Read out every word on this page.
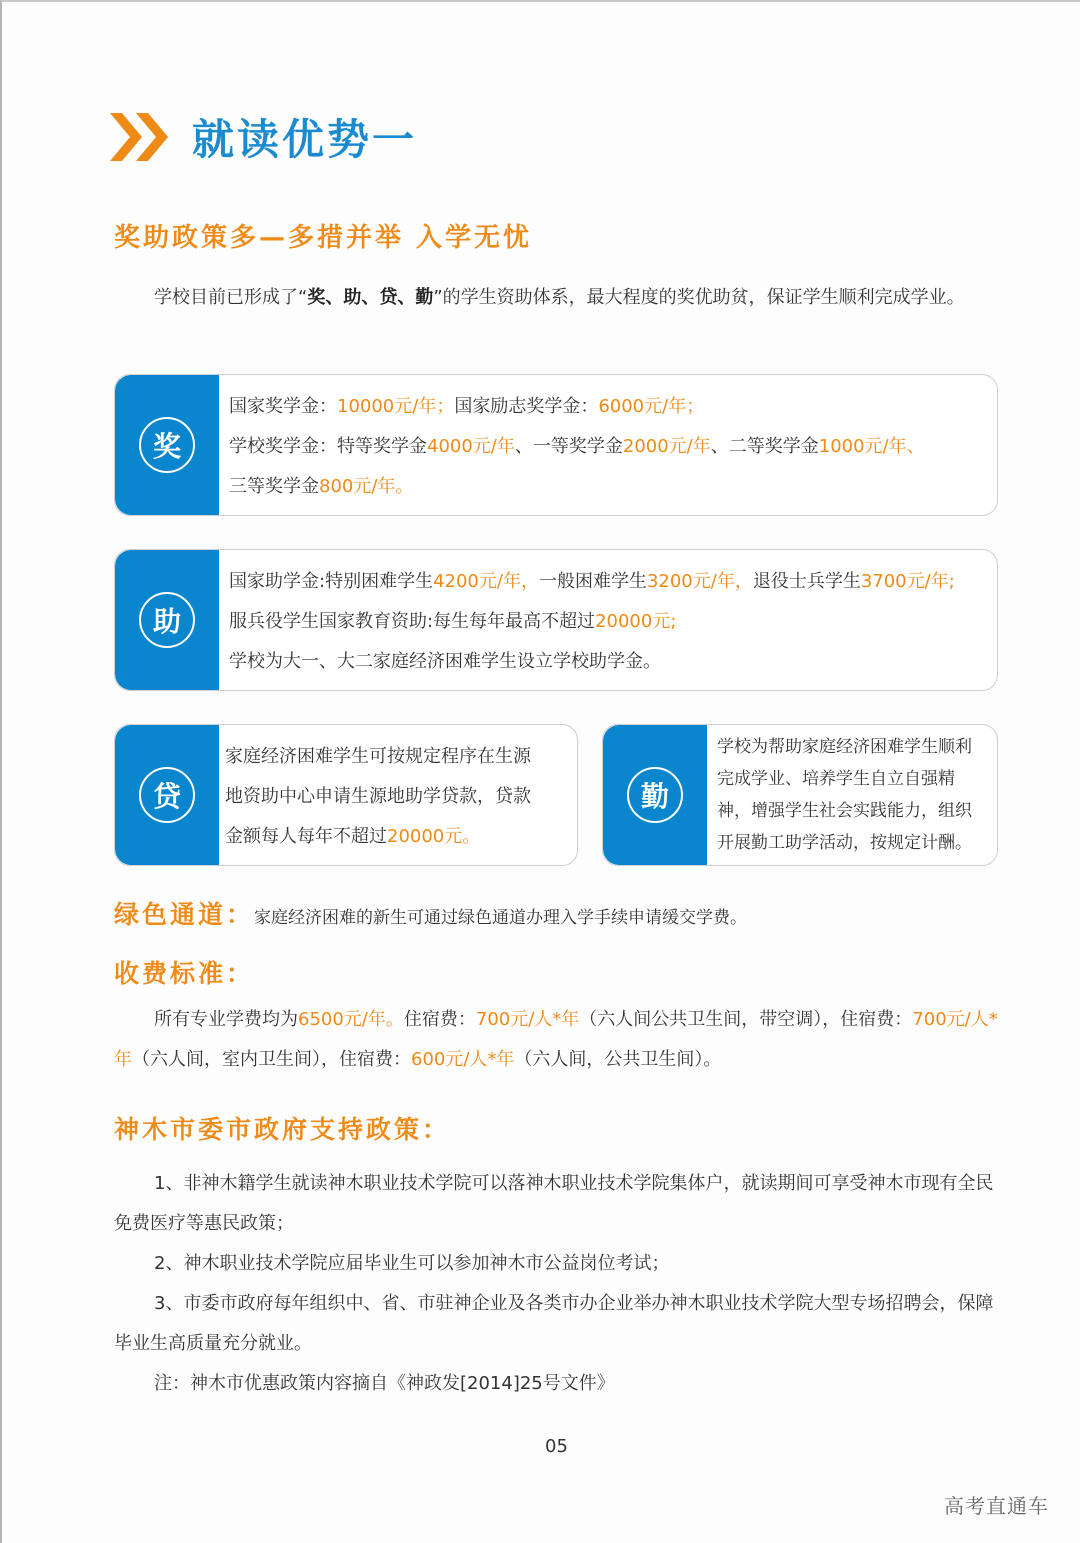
就读优势一
奖助政策多—多措并举 入学无忧
学校目前已形成了“奖、助、贷、勤”的学生资助体系，最大程度的奖优助贫，保证学生顺利完成学业。
奖
国家奖学金：10000元/年；国家励志奖学金：6000元/年；
学校奖学金：特等奖学金4000元/年、一等奖学金2000元/年、二等奖学金1000元/年、
三等奖学金800元/年。
助
国家助学金:特别困难学生4200元/年，一般困难学生3200元/年，退役士兵学生3700元/年;
服兵役学生国家教育资助:每生每年最高不超过20000元;
学校为大一、大二家庭经济困难学生设立学校助学金。
贷
家庭经济困难学生可按规定程序在生源
地资助中心申请生源地助学贷款，贷款
金额每人每年不超过20000元。
勤
学校为帮助家庭经济困难学生顺利
完成学业、培养学生自立自强精
神，增强学生社会实践能力，组织
开展勤工助学活动，按规定计酬。
绿色通道：家庭经济困难的新生可通过绿色通道办理入学手续申请缓交学费。
收费标准：
所有专业学费均为6500元/年。住宿费：700元/人*年（六人间公共卫生间，带空调），住宿费：700元/人*年（六人间，室内卫生间），住宿费：600元/人*年（六人间，公共卫生间）。
神木市委市政府支持政策：
1、非神木籍学生就读神木职业技术学院可以落神木职业技术学院集体户，就读期间可享受神木市现有全民免费医疗等惠民政策；
2、神木职业技术学院应届毕业生可以参加神木市公益岗位考试；
3、市委市政府每年组织中、省、市驻神企业及各类市办企业举办神木职业技术学院大型专场招聘会，保障毕业生高质量充分就业。
注：神木市优惠政策内容摘自《神政发[2014]25号文件》
05
高考直通车
